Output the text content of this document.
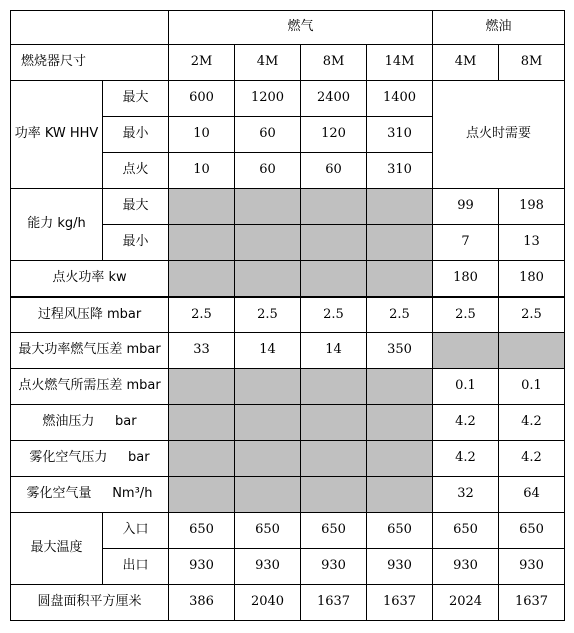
		燃气				燃油	
燃烧器尺寸		2M	4M	8M	14M	4M	8M
功率 KW HHV	最大	600	1200	2400	1400	点火时需要	
	最小	10	60	120	310		
	点火	10	60	60	310		
能力 kg/h	最大					99	198
	最小					7	13
点火功率 kw						180	180
过程风压降 mbar		2.5	2.5	2.5	2.5	2.5	2.5
最大功率燃气压差 mbar		33	14	14	350		
点火燃气所需压差 mbar						0.1	0.1
燃油压力     bar						4.2	4.2
雾化空气压力     bar						4.2	4.2
雾化空气量     Nm³/h						32	64
最大温度	入口	650	650	650	650	650	650
	出口	930	930	930	930	930	930
圆盘面积平方厘米		386	2040	1637	1637	2024	1637
